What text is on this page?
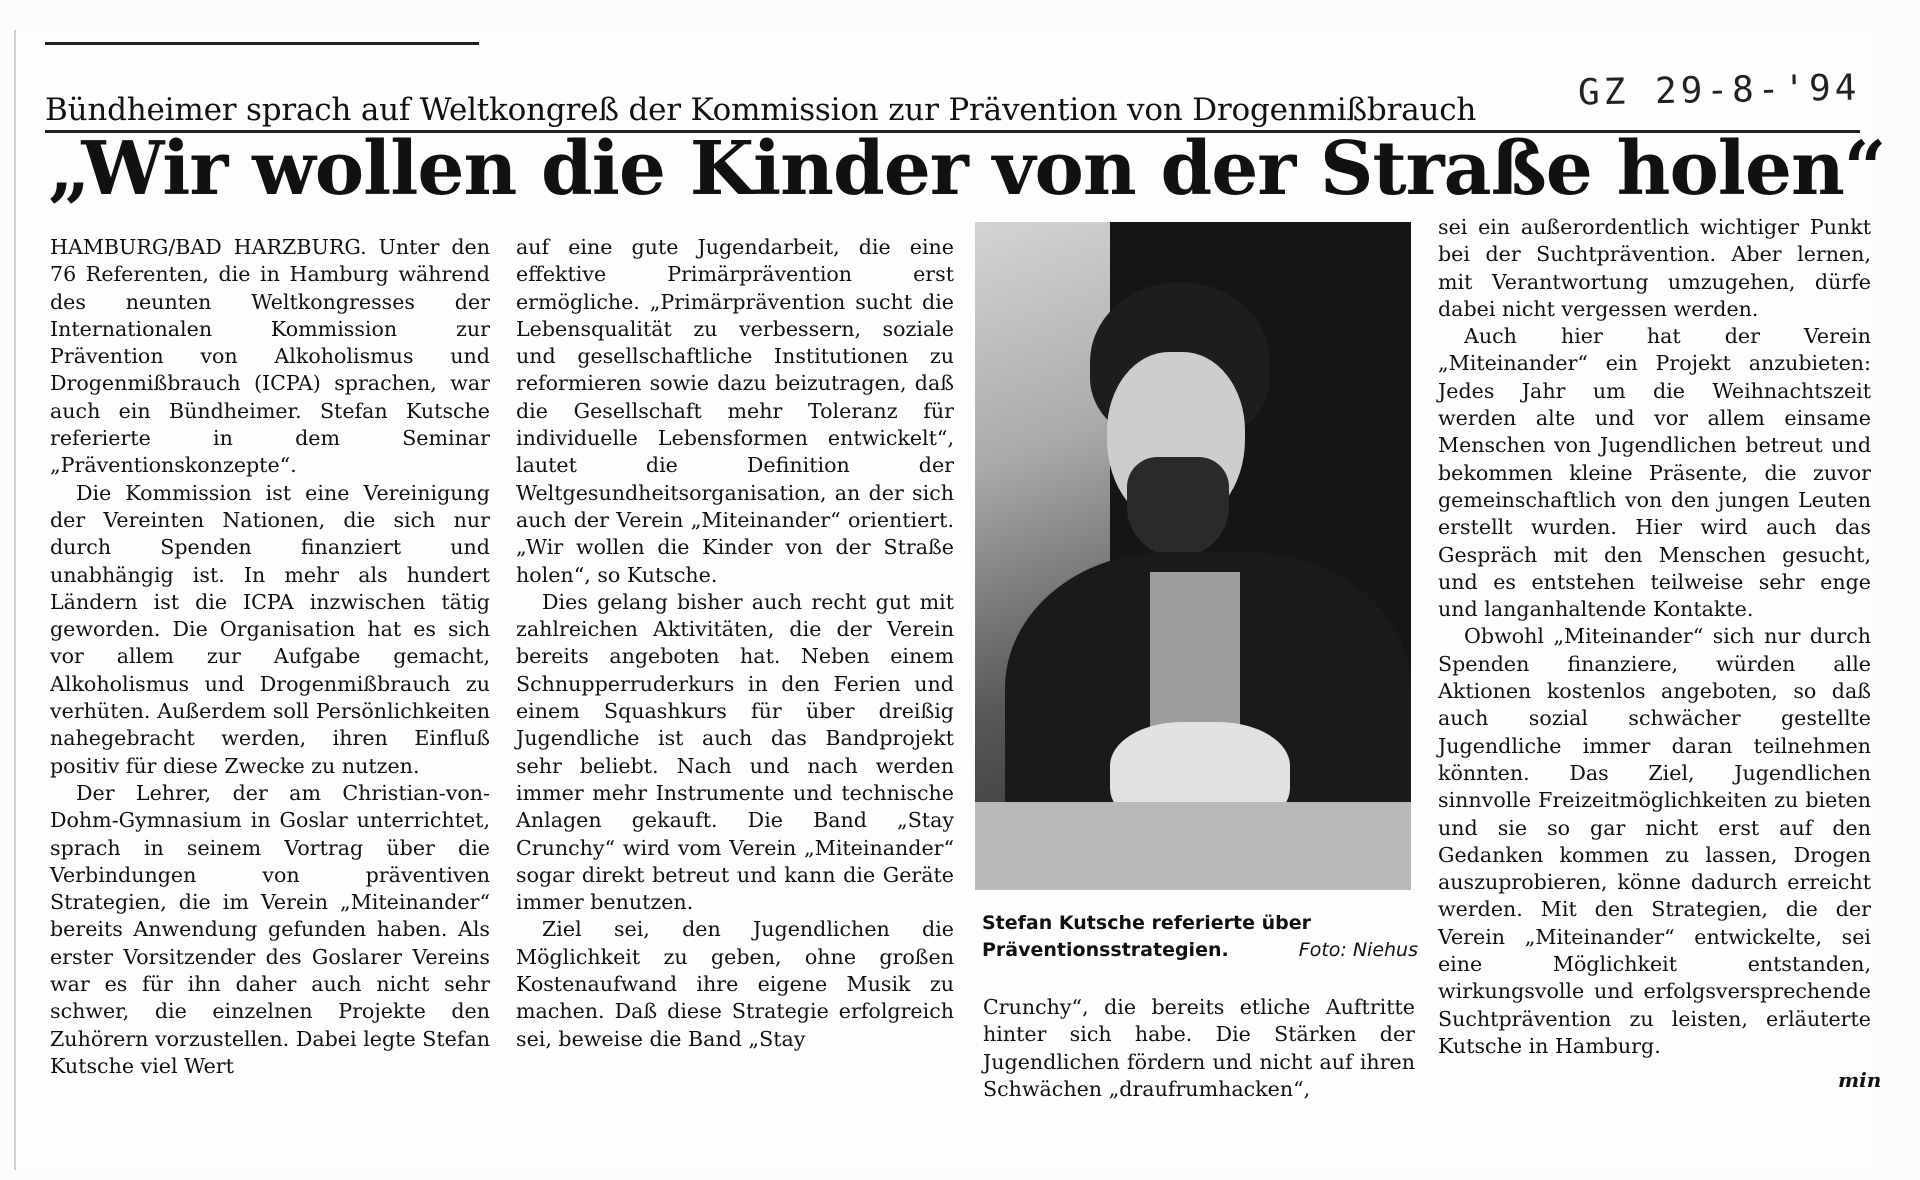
GZ 29-8-'94
Bündheimer sprach auf Weltkongreß der Kommission zur Prävention von Drogenmißbrauch
„Wir wollen die Kinder von der Straße holen“

HAMBURG/BAD HARZBURG. Unter den 76 Referenten, die in Hamburg während des neunten Weltkongresses der Internationalen Kommission zur Prävention von Alkoholismus und Drogenmißbrauch (ICPA) sprachen, war auch ein Bündheimer. Stefan Kutsche referierte in dem Seminar „Präventionskonzepte“.

Die Kommission ist eine Vereinigung der Vereinten Nationen, die sich nur durch Spenden finanziert und unabhängig ist. In mehr als hundert Ländern ist die ICPA inzwischen tätig geworden. Die Organisation hat es sich vor allem zur Aufgabe gemacht, Alkoholismus und Drogenmißbrauch zu verhüten. Außerdem soll Persönlichkeiten nahegebracht werden, ihren Einfluß positiv für diese Zwecke zu nutzen.

Der Lehrer, der am Christian-von-Dohm-Gymnasium in Goslar unterrichtet, sprach in seinem Vortrag über die Verbindungen von präventiven Strategien, die im Verein „Miteinander“ bereits Anwendung gefunden haben. Als erster Vorsitzender des Goslarer Vereins war es für ihn daher auch nicht sehr schwer, die einzelnen Projekte den Zuhörern vorzustellen. Dabei legte Stefan Kutsche viel Wert

auf eine gute Jugendarbeit, die eine effektive Primärprävention erst ermögliche. „Primärprävention sucht die Lebensqualität zu verbessern, soziale und gesellschaftliche Institutionen zu reformieren sowie dazu beizutragen, daß die Gesellschaft mehr Toleranz für individuelle Lebensformen entwickelt“, lautet die Definition der Weltgesundheitsorganisation, an der sich auch der Verein „Miteinander“ orientiert. „Wir wollen die Kinder von der Straße holen“, so Kutsche.

Dies gelang bisher auch recht gut mit zahlreichen Aktivitäten, die der Verein bereits angeboten hat. Neben einem Schnupperruderkurs in den Ferien und einem Squashkurs für über dreißig Jugendliche ist auch das Bandprojekt sehr beliebt. Nach und nach werden immer mehr Instrumente und technische Anlagen gekauft. Die Band „Stay Crunchy“ wird vom Verein „Miteinander“ sogar direkt betreut und kann die Geräte immer benutzen.

Ziel sei, den Jugendlichen die Möglichkeit zu geben, ohne großen Kostenaufwand ihre eigene Musik zu machen. Daß diese Strategie erfolgreich sei, beweise die Band „Stay

Stefan Kutsche referierte über Präventionsstrategien.	Foto: Niehus

Crunchy“, die bereits etliche Auftritte hinter sich habe. Die Stärken der Jugendlichen fördern und nicht auf ihren Schwächen „draufrumhacken“,

sei ein außerordentlich wichtiger Punkt bei der Suchtprävention. Aber lernen, mit Verantwortung umzugehen, dürfe dabei nicht vergessen werden.

Auch hier hat der Verein „Miteinander“ ein Projekt anzubieten: Jedes Jahr um die Weihnachtszeit werden alte und vor allem einsame Menschen von Jugendlichen betreut und bekommen kleine Präsente, die zuvor gemeinschaftlich von den jungen Leuten erstellt wurden. Hier wird auch das Gespräch mit den Menschen gesucht, und es entstehen teilweise sehr enge und langanhaltende Kontakte.

Obwohl „Miteinander“ sich nur durch Spenden finanziere, würden alle Aktionen kostenlos angeboten, so daß auch sozial schwächer gestellte Jugendliche immer daran teilnehmen könnten. Das Ziel, Jugendlichen sinnvolle Freizeitmöglichkeiten zu bieten und sie so gar nicht erst auf den Gedanken kommen zu lassen, Drogen auszuprobieren, könne dadurch erreicht werden. Mit den Strategien, die der Verein „Miteinander“ entwickelte, sei eine Möglichkeit entstanden, wirkungsvolle und erfolgsversprechende Suchtprävention zu leisten, erläuterte Kutsche in Hamburg.

min
